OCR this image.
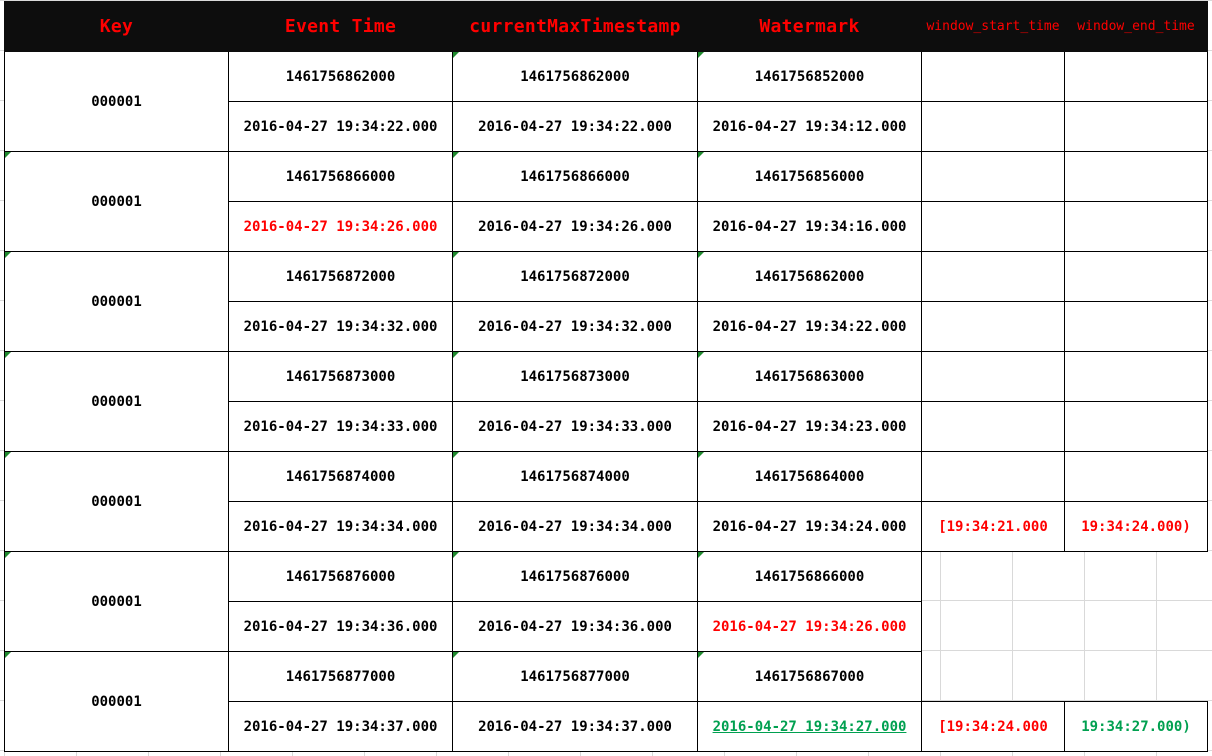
Key	Event Time	currentMaxTimestamp	Watermark	window_start_time	window_end_time
000001	1461756862000	1461756862000	1461756852000		
	2016-04-27 19:34:22.000	2016-04-27 19:34:22.000	2016-04-27 19:34:12.000		
000001	1461756866000	1461756866000	1461756856000		
	2016-04-27 19:34:26.000	2016-04-27 19:34:26.000	2016-04-27 19:34:16.000		
000001	1461756872000	1461756872000	1461756862000		
	2016-04-27 19:34:32.000	2016-04-27 19:34:32.000	2016-04-27 19:34:22.000		
000001	1461756873000	1461756873000	1461756863000		
	2016-04-27 19:34:33.000	2016-04-27 19:34:33.000	2016-04-27 19:34:23.000		
000001	1461756874000	1461756874000	1461756864000		
	2016-04-27 19:34:34.000	2016-04-27 19:34:34.000	2016-04-27 19:34:24.000	[19:34:21.000	19:34:24.000)
000001	1461756876000	1461756876000	1461756866000		
	2016-04-27 19:34:36.000	2016-04-27 19:34:36.000	2016-04-27 19:34:26.000		
000001	1461756877000	1461756877000	1461756867000		
	2016-04-27 19:34:37.000	2016-04-27 19:34:37.000	2016-04-27 19:34:27.000	[19:34:24.000	19:34:27.000)
